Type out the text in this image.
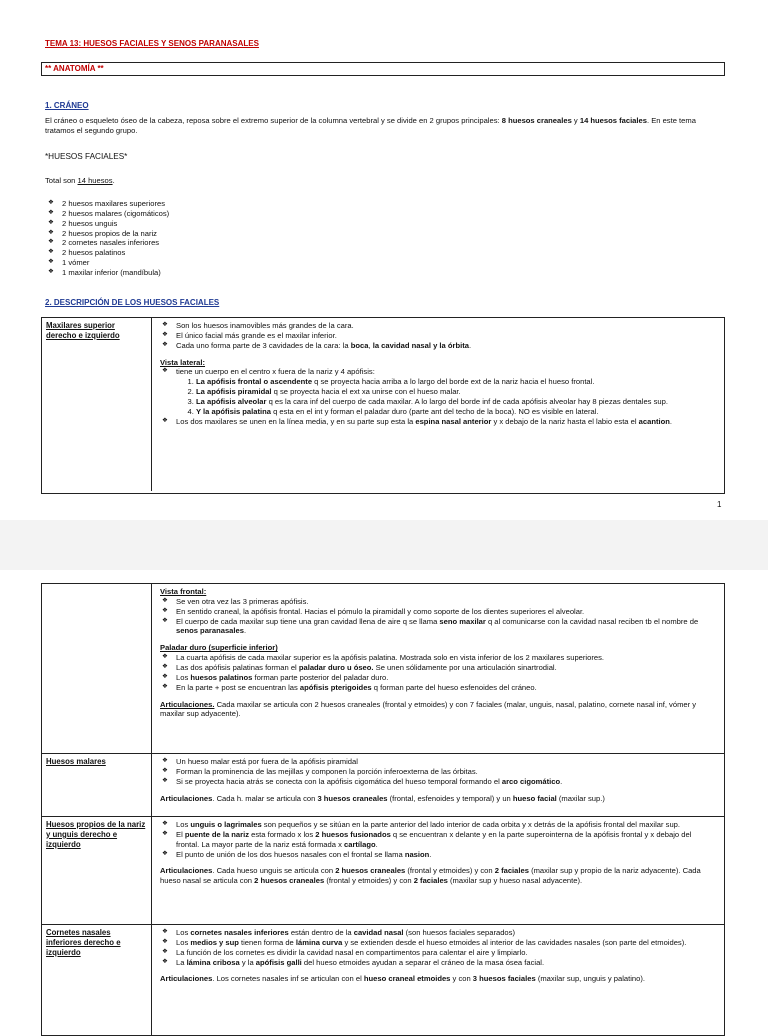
TEMA 13: HUESOS FACIALES Y SENOS PARANASALES
** ANATOMÍA **
1. CRÁNEO
El cráneo o esqueleto óseo de la cabeza, reposa sobre el extremo superior de la columna vertebral y se divide en 2 grupos principales: 8 huesos craneales y 14 huesos faciales. En este tema tratamos el segundo grupo.
*HUESOS FACIALES*
Total son 14 huesos.
❖ 2 huesos maxilares superiores
❖ 2 huesos malares (cigomáticos)
❖ 2 huesos unguis
❖ 2 huesos propios de la nariz
❖ 2 cornetes nasales inferiores
❖ 2 huesos palatinos
❖ 1 vómer
❖ 1 maxilar inferior (mandíbula)
2. DESCRIPCIÓN DE LOS HUESOS FACIALES
Maxilares superior derecho e izquierdo
❖ Son los huesos inamovibles más grandes de la cara.
❖ El único facial más grande es el maxilar inferior.
❖ Cada uno forma parte de 3 cavidades de la cara: la boca, la cavidad nasal y la órbita.

Vista lateral:

❖ tiene un cuerpo en el centro x fuera de la nariz y 4 apófisis:
1. La apófisis frontal o ascendente q se proyecta hacia arriba a lo largo del borde ext de la nariz hacia el hueso frontal.
2. La apófisis piramidal q se proyecta hacia el ext xa unirse con el hueso malar.
3. La apófisis alveolar q es la cara inf del cuerpo de cada maxilar. A lo largo del borde inf de cada apófisis alveolar hay 8 piezas dentales sup.
4. Y la apófisis palatina q esta en el int y forman el paladar duro (parte ant del techo de la boca). NO es visible en lateral.
❖ Los dos maxilares se unen en la línea media, y en su parte sup esta la espina nasal anterior y x debajo de la nariz hasta el labio esta el acantion.
1

Vista frontal:

❖ Se ven otra vez las 3 primeras apófisis.
❖ En sentido craneal, la apófisis frontal. Hacias el pómulo la piramidall y como soporte de los dientes superiores el alveolar.
❖ El cuerpo de cada maxilar sup tiene una gran cavidad llena de aire q se llama seno maxilar q al comunicarse con la cavidad nasal reciben tb el nombre de senos paranasales.

Paladar duro (superficie inferior)

❖ La cuarta apófisis de cada maxilar superior es la apófisis palatina. Mostrada solo en vista inferior de los 2 maxilares superiores.
❖ Las dos apófisis palatinas forman el paladar duro u óseo. Se unen sólidamente por una articulación sinartrodial.
❖ Los huesos palatinos forman parte posterior del paladar duro.
❖ En la parte + post se encuentran las apófisis pterigoides q forman parte del hueso esfenoides del cráneo.

Articulaciones. Cada maxilar se articula con 2 huesos craneales (frontal y etmoides) y con 7 faciales (malar, unguis, nasal, palatino, cornete nasal inf, vómer y maxilar sup adyacente).

Huesos malares
❖	Un hueso malar está por fuera de la apófisis piramidal
❖ Forman la prominencia de las mejillas y componen la porción inferoexterna de las órbitas.
❖ Si se proyecta hacia atrás se conecta con la apófisis cigomática del hueso temporal formando el arco cigomático.

Articulaciones. Cada h. malar se articula con 3 huesos craneales (frontal, esfenoides y temporal) y un hueso facial (maxilar sup.)

Huesos propios de la nariz y unguis derecho e izquierdo
❖ Los unguis o lagrimales son pequeños y se sitúan en la parte anterior del lado interior de cada orbita y x detrás de la apófisis frontal del maxilar sup.
❖ El puente de la nariz esta formado x los 2 huesos fusionados q se encuentran x delante y en la parte superointerna de la apófisis frontal y x debajo del frontal. La mayor parte de la nariz está formada x cartílago.
❖ El punto de unión de los dos huesos nasales con el frontal se llama nasion.

Articulaciones. Cada hueso unguis se articula con 2 huesos craneales (frontal y etmoides) y con 2 faciales (maxilar sup y propio de la nariz adyacente). Cada hueso nasal se articula con 2 huesos craneales (frontal y etmoides) y con 2 faciales (maxilar sup y hueso nasal adyacente).

Cornetes nasales inferiores derecho e izquierdo
❖ Los cornetes nasales inferiores están dentro de la cavidad nasal (son huesos faciales separados)
❖ Los medios y sup tienen forma de lámina curva y se extienden desde el hueso etmoides al interior de las cavidades nasales (son parte del etmoides).
❖ La función de los cornetes es dividir la cavidad nasal en compartimentos para calentar el aire y limpiarlo.
❖ La lámina cribosa y la apófisis galli del hueso etmoides ayudan a separar el cráneo de la masa ósea facial.

Articulaciones. Los cornetes nasales inf se articulan con el hueso craneal etmoides y con 3 huesos faciales (maxilar sup, unguis y palatino).
